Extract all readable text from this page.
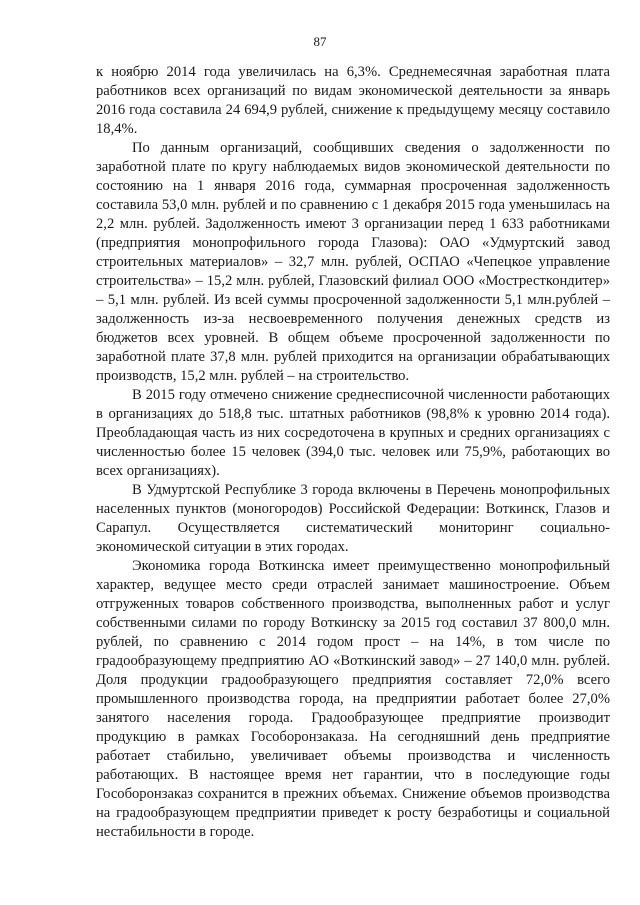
87

к ноябрю 2014 года увеличилась на 6,3%. Среднемесячная заработная плата работников всех организаций по видам экономической деятельности за январь 2016 года составила 24 694,9 рублей, снижение к предыдущему месяцу составило 18,4%.

По данным организаций, сообщивших сведения о задолженности по заработной плате по кругу наблюдаемых видов экономической деятельности по состоянию на 1 января 2016 года, суммарная просроченная задолженность составила 53,0 млн. рублей и по сравнению с 1 декабря 2015 года уменьшилась на 2,2 млн. рублей. Задолженность имеют 3 организации перед 1 633 работниками (предприятия монопрофильного города Глазова): ОАО «Удмуртский завод строительных материалов» – 32,7 млн. рублей, ОСПАО «Чепецкое управление строительства» – 15,2 млн. рублей, Глазовский филиал ООО «Мостресткондитер» – 5,1 млн. рублей. Из всей суммы просроченной задолженности 5,1 млн.рублей – задолженность из-за несвоевременного получения денежных средств из бюджетов всех уровней. В общем объеме просроченной задолженности по заработной плате 37,8 млн. рублей приходится на организации обрабатывающих производств, 15,2 млн. рублей – на строительство.

В 2015 году отмечено снижение среднесписочной численности работающих в организациях до 518,8 тыс. штатных работников (98,8% к уровню 2014 года). Преобладающая часть из них сосредоточена в крупных и средних организациях с численностью более 15 человек (394,0 тыс. человек или 75,9%, работающих во всех организациях).

В Удмуртской Республике 3 города включены в Перечень монопрофильных населенных пунктов (моногородов) Российской Федерации: Воткинск, Глазов и Сарапул. Осуществляется систематический мониторинг социально-экономической ситуации в этих городах.

Экономика города Воткинска имеет преимущественно монопрофильный характер, ведущее место среди отраслей занимает машиностроение. Объем отгруженных товаров собственного производства, выполненных работ и услуг собственными силами по городу Воткинску за 2015 год составил 37 800,0 млн. рублей, по сравнению с 2014 годом прост – на 14%, в том числе по градообразующему предприятию АО «Воткинский завод» – 27 140,0 млн. рублей. Доля продукции градообразующего предприятия составляет 72,0% всего промышленного производства города, на предприятии работает более 27,0% занятого населения города. Градообразующее предприятие производит продукцию в рамках Гособоронзаказа. На сегодняшний день предприятие работает стабильно, увеличивает объемы производства и численность работающих. В настоящее время нет гарантии, что в последующие годы Гособоронзаказ сохранится в прежних объемах. Снижение объемов производства на градообразующем предприятии приведет к росту безработицы и социальной нестабильности в городе.
